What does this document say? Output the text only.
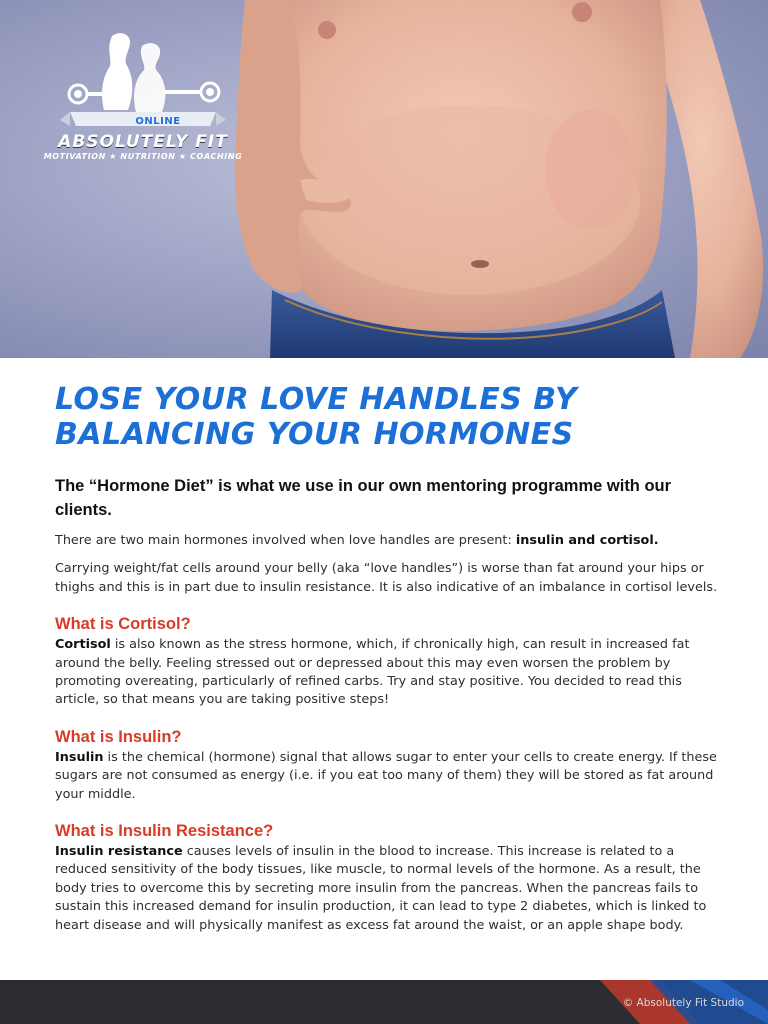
ONLINE
ABSOLUTELY FIT
MOTIVATION ★ NUTRITION ★ COACHING
LOSE YOUR LOVE HANDLES BY BALANCING YOUR HORMONES
The “Hormone Diet” is what we use in our own mentoring programme with our clients.

There are two main hormones involved when love handles are present: insulin and cortisol.

Carrying weight/fat cells around your belly (aka “love handles”) is worse than fat around your hips or thighs and this is in part due to insulin resistance. It is also indicative of an imbalance in cortisol levels.

What is Cortisol?

Cortisol is also known as the stress hormone, which, if chronically high, can result in increased fat around the belly. Feeling stressed out or depressed about this may even worsen the problem by promoting overeating, particularly of refined carbs. Try and stay positive. You decided to read this article, so that means you are taking positive steps!

What is Insulin?

Insulin is the chemical (hormone) signal that allows sugar to enter your cells to create energy. If these sugars are not consumed as energy (i.e. if you eat too many of them) they will be stored as fat around your middle.

What is Insulin Resistance?

Insulin resistance causes levels of insulin in the blood to increase. This increase is related to a reduced sensitivity of the body tissues, like muscle, to normal levels of the hormone. As a result, the body tries to overcome this by secreting more insulin from the pancreas. When the pancreas fails to sustain this increased demand for insulin production, it can lead to type 2 diabetes, which is linked to heart disease and will physically manifest as excess fat around the waist, or an apple shape body.

© Absolutely Fit Studio
